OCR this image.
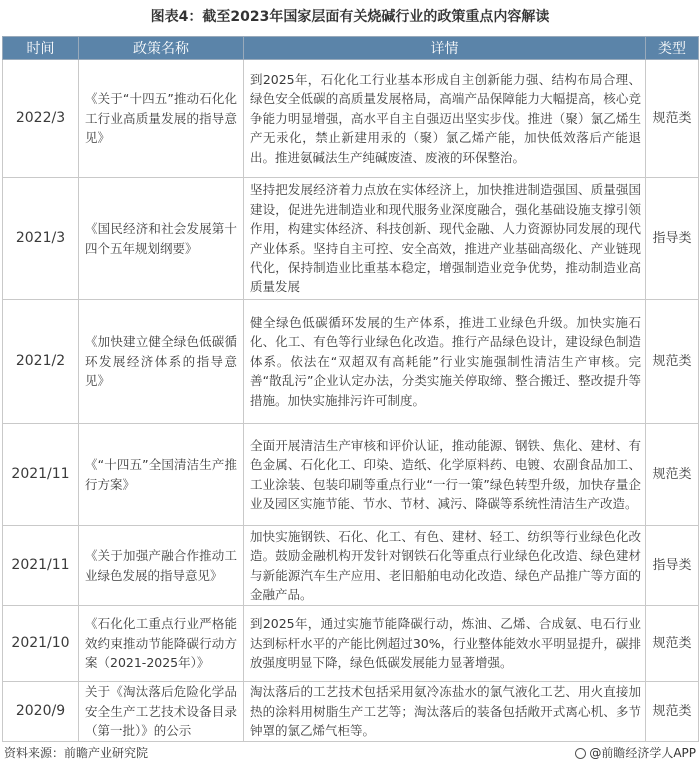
图表4：截至2023年国家层面有关烧碱行业的政策重点内容解读
时间	政策名称	详情	类型
2022/3	《关于“十四五”推动石化化工行业高质量发展的指导意见》	到2025年，石化化工行业基本形成自主创新能力强、结构布局合理、绿色安全低碳的高质量发展格局，高端产品保障能力大幅提高，核心竞争能力明显增强，高水平自主自强迈出坚实步伐。推进（聚）氯乙烯生产无汞化，禁止新建用汞的（聚）氯乙烯产能，加快低效落后产能退出。推进氨碱法生产纯碱废渣、废液的环保整治。	规范类
2021/3	《国民经济和社会发展第十四个五年规划纲要》	坚持把发展经济着力点放在实体经济上，加快推进制造强国、质量强国建设，促进先进制造业和现代服务业深度融合，强化基础设施支撑引领作用，构建实体经济、科技创新、现代金融、人力资源协同发展的现代产业体系。坚持自主可控、安全高效，推进产业基础高级化、产业链现代化，保持制造业比重基本稳定，增强制造业竞争优势，推动制造业高质量发展	指导类
2021/2	《加快建立健全绿色低碳循环发展经济体系的指导意见》	健全绿色低碳循环发展的生产体系，推进工业绿色升级。加快实施石化、化工、有色等行业绿色化改造。推行产品绿色设计，建设绿色制造体系。依法在“双超双有高耗能”行业实施强制性清洁生产审核。完善“散乱污”企业认定办法，分类实施关停取缔、整合搬迁、整改提升等措施。加快实施排污许可制度。	规范类
2021/11	《“十四五”全国清洁生产推行方案》	全面开展清洁生产审核和评价认证，推动能源、钢铁、焦化、建材、有色金属、石化化工、印染、造纸、化学原料药、电镀、农副食品加工、工业涂装、包装印刷等重点行业“一行一策”绿色转型升级，加快存量企业及园区实施节能、节水、节材、减污、降碳等系统性清洁生产改造。	规范类
2021/11	《关于加强产融合作推动工业绿色发展的指导意见》	加快实施钢铁、石化、化工、有色、建材、轻工、纺织等行业绿色化改造。鼓励金融机构开发针对钢铁石化等重点行业绿色化改造、绿色建材与新能源汽车生产应用、老旧船舶电动化改造、绿色产品推广等方面的金融产品。	指导类
2021/10	《石化化工重点行业严格能效约束推动节能降碳行动方案（2021-2025年）》	到2025年，通过实施节能降碳行动，炼油、乙烯、合成氨、电石行业达到标杆水平的产能比例超过30%，行业整体能效水平明显提升，碳排放强度明显下降，绿色低碳发展能力显著增强。	规范类
2020/9	关于《淘汰落后危险化学品安全生产工艺技术设备目录（第一批）》的公示	淘汰落后的工艺技术包括采用氨冷冻盐水的氯气液化工艺、用火直接加热的涂料用树脂生产工艺等；淘汰落后的装备包括敞开式离心机、多节钟罩的氯乙烯气柜等。	规范类
资料来源：前瞻产业研究院	@前瞻经济学人APP
